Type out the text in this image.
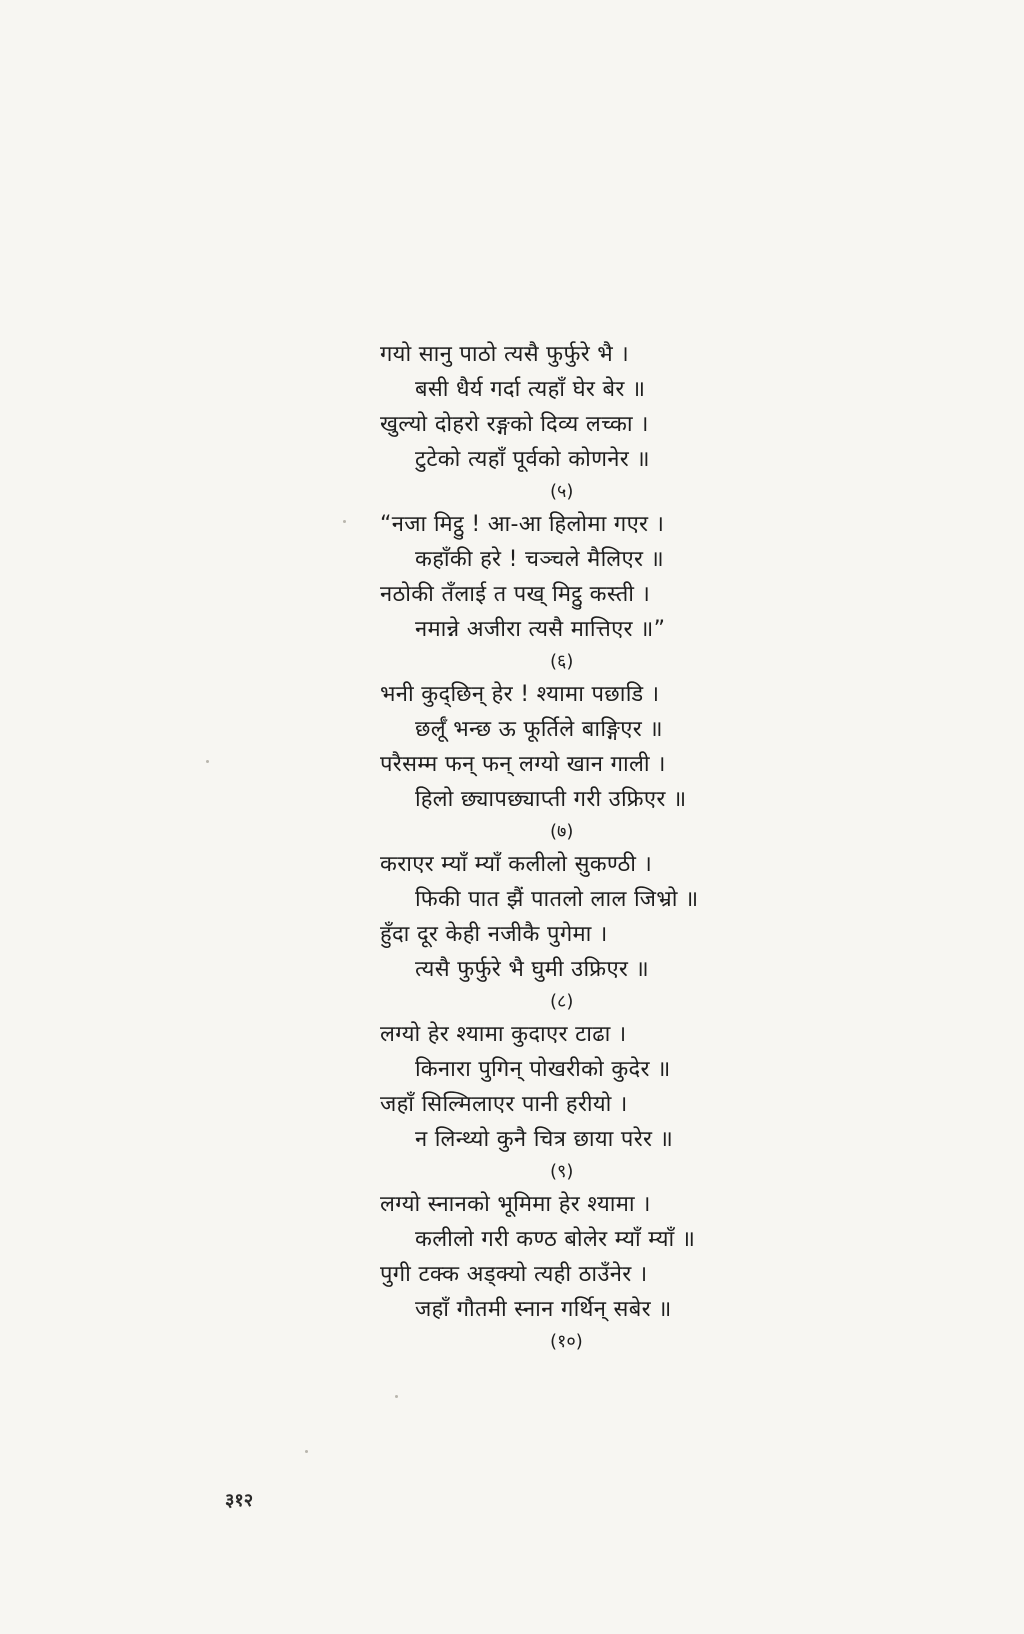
गयो सानु पाठो त्यसै फुर्फुरे भै ।
बसी धैर्य गर्दा त्यहाँ घेर बेर ॥
खुल्यो दोहरो रङ्गको दिव्य लच्का ।
टुटेको त्यहाँ पूर्वको कोणनेर ॥
(५)
“नजा मिट्ठु ! आ-आ हिलोमा गएर ।
कहाँकी हरे ! चञ्चले मैलिएर ॥
नठोकी तँलाई त पख् मिट्ठु कस्ती ।
नमान्ने अजीरा त्यसै मात्तिएर ॥”
(६)
भनी कुद्छिन् हेर ! श्यामा पछाडि ।
छर्लूँ भन्छ ऊ फूर्तिले बाङ्गिएर ॥
परैसम्म फन् फन् लग्यो खान गाली ।
हिलो छ्यापछ्याप्ती गरी उफ्रिएर ॥
(७)
कराएर म्याँ म्याँ कलीलो सुकण्ठी ।
फिकी पात झैं पातलो लाल जिभ्रो ॥
हुँदा दूर केही नजीकै पुगेमा ।
त्यसै फुर्फुरे भै घुमी उफ्रिएर ॥
(८)
लग्यो हेर श्यामा कुदाएर टाढा ।
किनारा पुगिन् पोखरीको कुदेर ॥
जहाँ सिल्मिलाएर पानी हरीयो ।
न लिन्थ्यो कुनै चित्र छाया परेर ॥
(९)
लग्यो स्नानको भूमिमा हेर श्यामा ।
कलीलो गरी कण्ठ बोलेर म्याँ म्याँ ॥
पुगी टक्क अड्क्यो त्यही ठाउँनेर ।
जहाँ गौतमी स्नान गर्थिन् सबेर ॥
(१०)
३१२
